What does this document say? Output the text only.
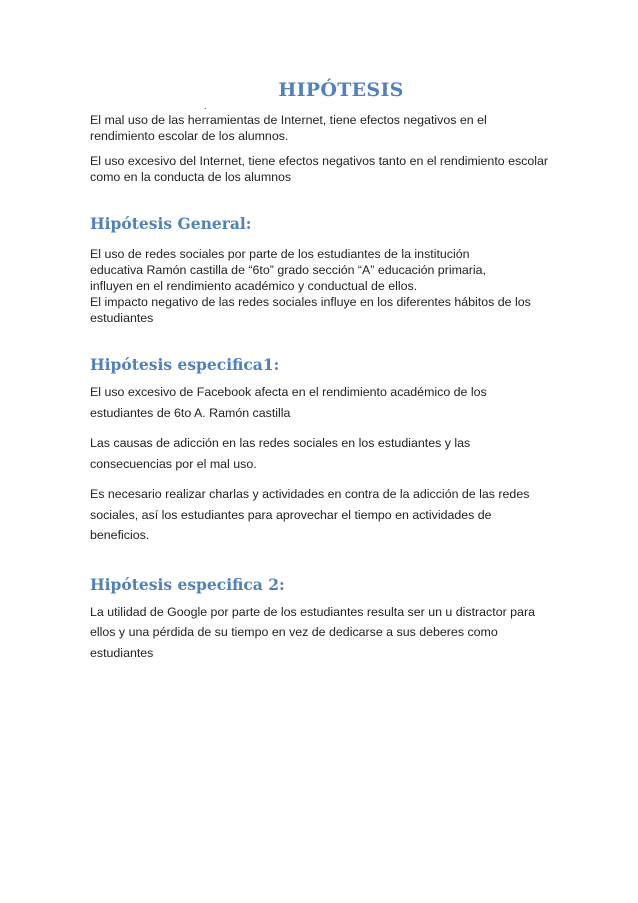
HIPÓTESIS
.

El mal uso de las herramientas de Internet, tiene efectos negativos en el rendimiento escolar de los alumnos.

El uso excesivo del Internet, tiene efectos negativos tanto en el rendimiento escolar como en la conducta de los alumnos

Hipótesis General:

El uso de redes sociales por parte de los estudiantes de la institución
educativa Ramón castilla de “6to” grado sección “A” educación primaria,
influyen en el rendimiento académico y conductual de ellos.

El impacto negativo de las redes sociales influye en los diferentes hábitos de los estudiantes

Hipótesis especifica1:

El uso excesivo de Facebook afecta en el rendimiento académico de los estudiantes de 6to A. Ramón castilla

Las causas de adicción en las redes sociales en los estudiantes y las consecuencias por el mal uso.

Es necesario realizar charlas y actividades en contra de la adicción de las redes sociales, así los estudiantes para aprovechar el tiempo en actividades de beneficios.

Hipótesis especifica 2:

La utilidad de Google por parte de los estudiantes resulta ser un u distractor para ellos y una pérdida de su tiempo en vez de dedicarse a sus deberes como estudiantes
